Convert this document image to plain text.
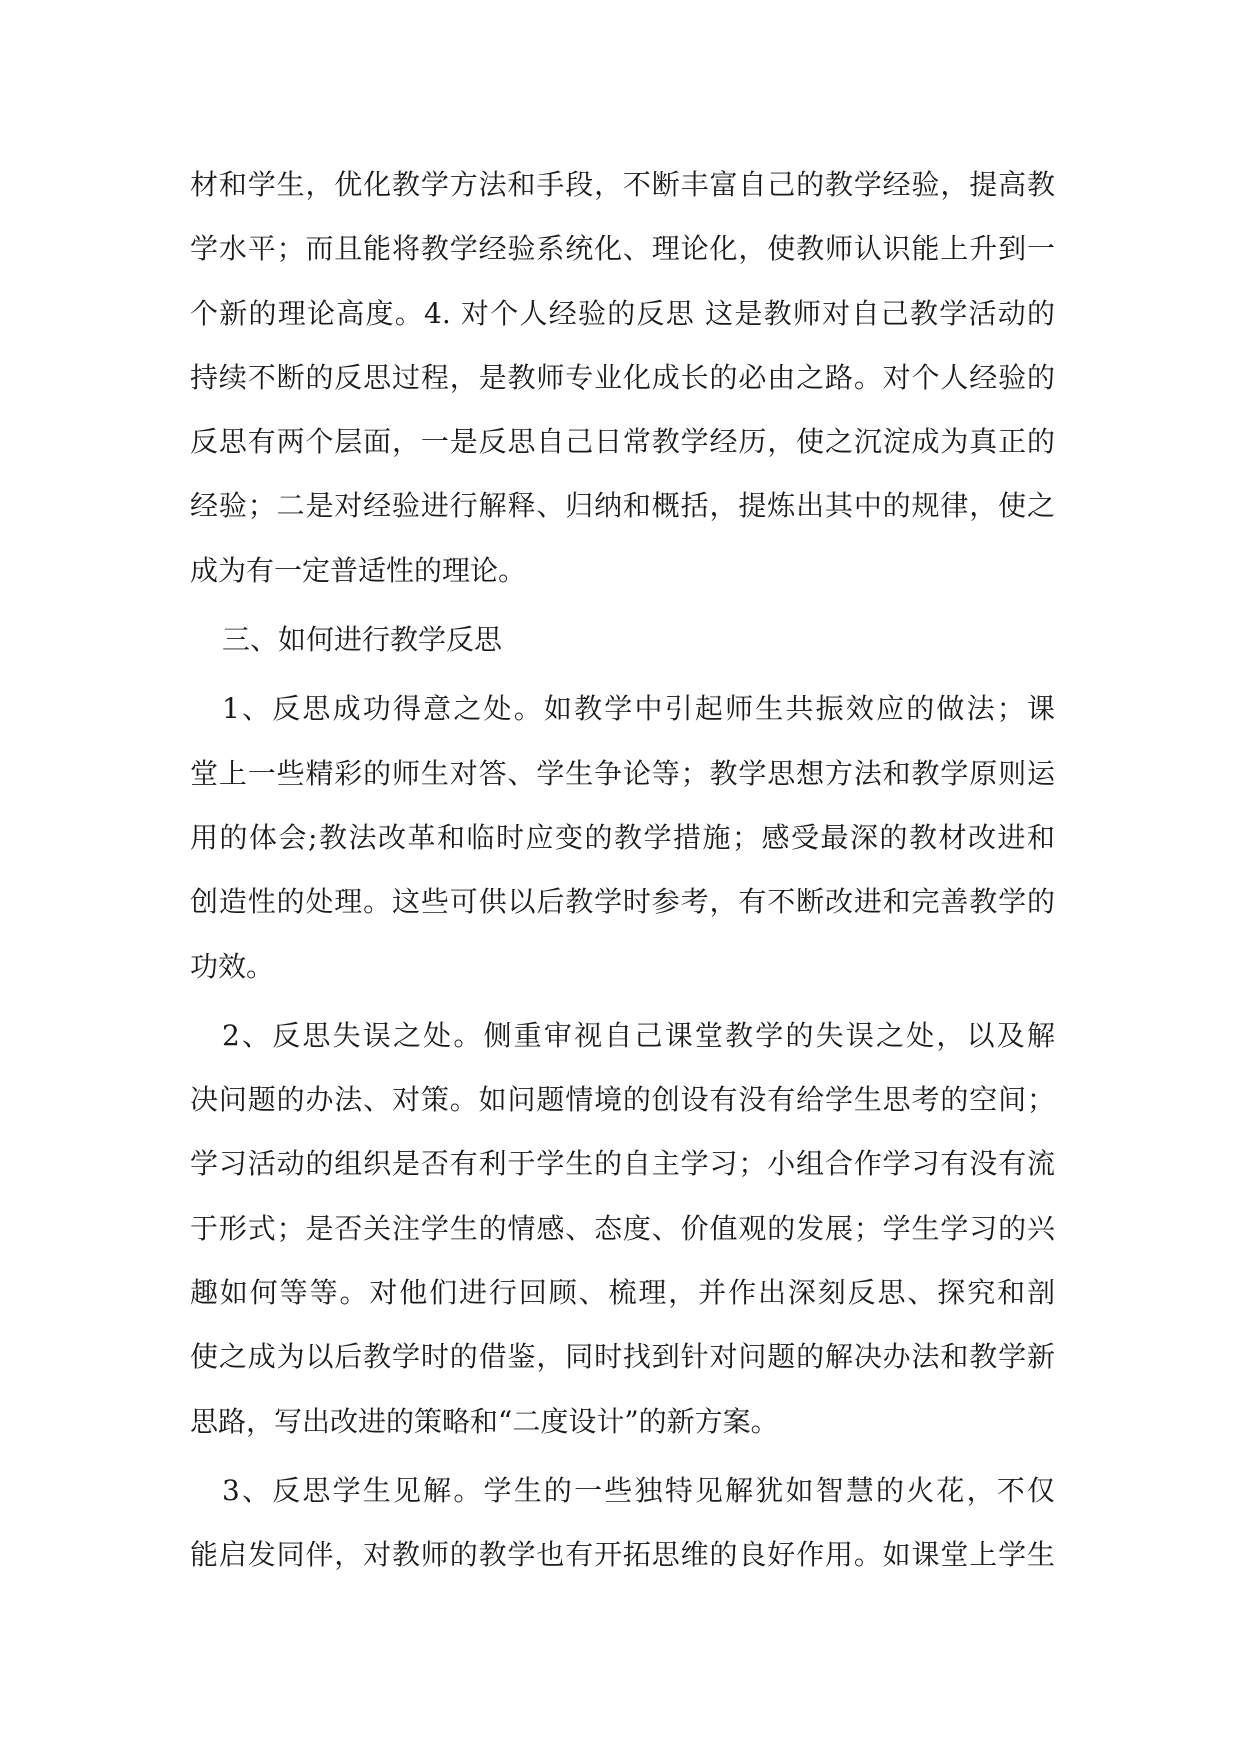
材和学生，优化教学方法和手段，不断丰富自己的教学经验，提高教
学水平；而且能将教学经验系统化、理论化，使教师认识能上升到一
个新的理论高度。4. 对个人经验的反思 这是教师对自己教学活动的
持续不断的反思过程，是教师专业化成长的必由之路。对个人经验的
反思有两个层面，一是反思自己日常教学经历，使之沉淀成为真正的
经验；二是对经验进行解释、归纳和概括，提炼出其中的规律，使之
成为有一定普适性的理论。
三、如何进行教学反思
1、反思成功得意之处。如教学中引起师生共振效应的做法；课
堂上一些精彩的师生对答、学生争论等；教学思想方法和教学原则运
用的体会;教法改革和临时应变的教学措施；感受最深的教材改进和
创造性的处理。这些可供以后教学时参考，有不断改进和完善教学的
功效。
2、反思失误之处。侧重审视自己课堂教学的失误之处，以及解
决问题的办法、对策。如问题情境的创设有没有给学生思考的空间；
学习活动的组织是否有利于学生的自主学习；小组合作学习有没有流
于形式；是否关注学生的情感、态度、价值观的发展；学生学习的兴
趣如何等等。对他们进行回顾、梳理，并作出深刻反思、探究和剖
使之成为以后教学时的借鉴，同时找到针对问题的解决办法和教学新
思路，写出改进的策略和“二度设计”的新方案。
3、反思学生见解。学生的一些独特见解犹如智慧的火花，不仅
能启发同伴，对教师的教学也有开拓思维的良好作用。如课堂上学生
